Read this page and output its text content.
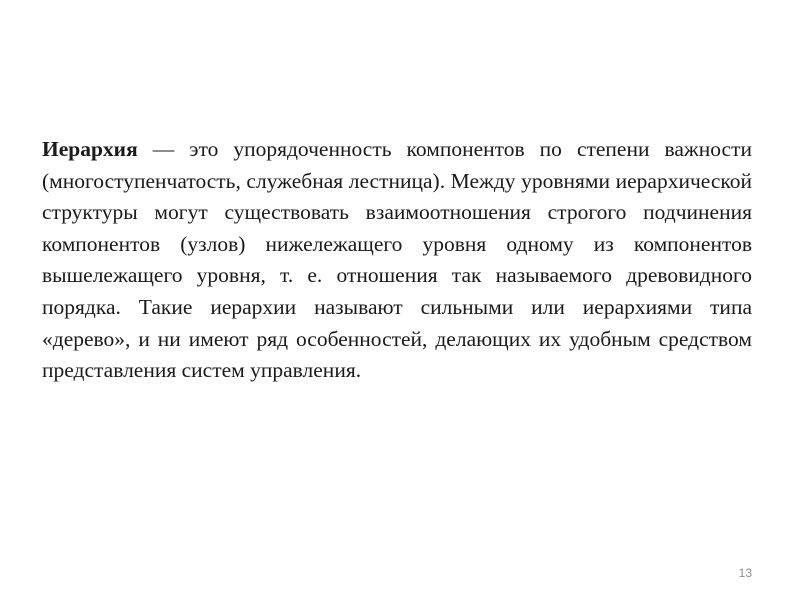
Иерархия — это упорядоченность компонентов по степени важности (многоступенчатость, служебная лестница). Между уровнями иерархической структуры могут существовать взаимоотношения строгого подчинения компонентов (узлов) нижележащего уровня одному из компонентов вышележащего уровня, т. е. отношения так называемого древовидного порядка. Такие иерархии называют сильными или иерархиями типа «дерево», и ни имеют ряд особенностей, делающих их удобным средством представления систем управления.

13
